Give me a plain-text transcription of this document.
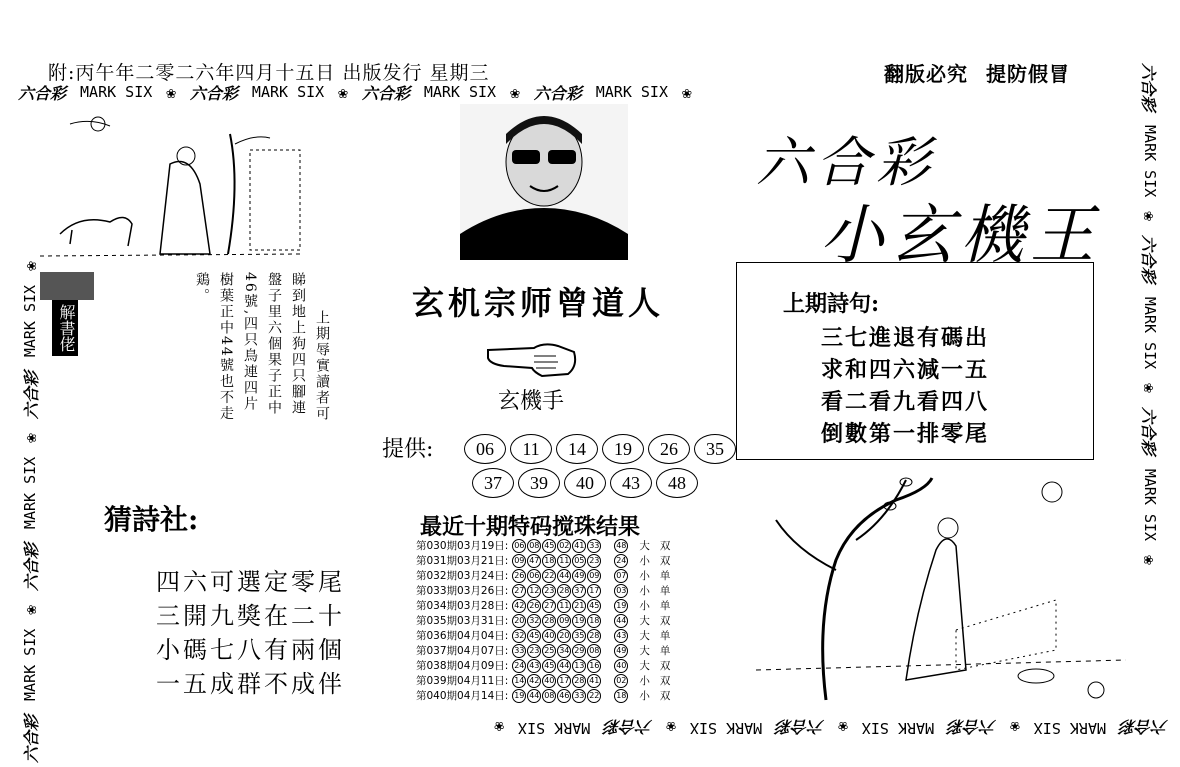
附:丙午年二零二六年四月十五日 出版发行 星期三	翻版必究 提防假冒
六合彩 MARK SIX ❀ 六合彩 MARK SIX ❀ 六合彩 MARK SIX ❀ 六合彩 MARK SIX ❀
六合彩
MARK SIX
❀
六合彩
MARK SIX
❀
六合彩
MARK SIX
❀
六合彩
MARK SIX
❀
六合彩
MARK SIX
❀
六合彩
MARK SIX
❀
六合彩
MARK SIX
❀
六合彩
MARK SIX
❀
六合彩
MARK SIX
❀
六合彩
MARK SIX
❀
解書佬	上期辱實讀者可
睇到地上狗四只腳連
盤子里六個果子正中
46號,四只鳥連四片
樹葉正中44號也不走
鶏。
猜詩社:
四六可選定零尾
三開九獎在二十
小碼七八有兩個
一五成群不成伴
玄机宗师曾道人
玄機手
提供:	06	11	14	19	26	35
37	39	40	43	48
最近十期特码搅珠结果
第030期03月19日:	06 08 45 02 41 33	48	大	双
第031期03月21日:	09 47 18 11 05 23	24	小	双
第032期03月24日:	26 06 22 44 49 09	07	小	单
第033期03月26日:	27 12 23 28 37 17	03	小	单
第034期03月28日:	42 26 27 11 21 45	19	小	单
第035期03月31日:	20 32 28 09 19 18	44	大	双
第036期04月04日:	32 45 40 20 35 28	43	大	单
第037期04月07日:	33 23 25 34 29 08	49	大	单
第038期04月09日:	24 43 45 44 13 16	40	大	双
第039期04月11日:	14 42 40 17 28 41	02	小	双
第040期04月14日:	19 44 08 46 33 22	18	小	双
六合彩
小玄機王
上期詩句:
三七進退有碼出
求和四六減一五
看二看九看四八
倒數第一排零尾
